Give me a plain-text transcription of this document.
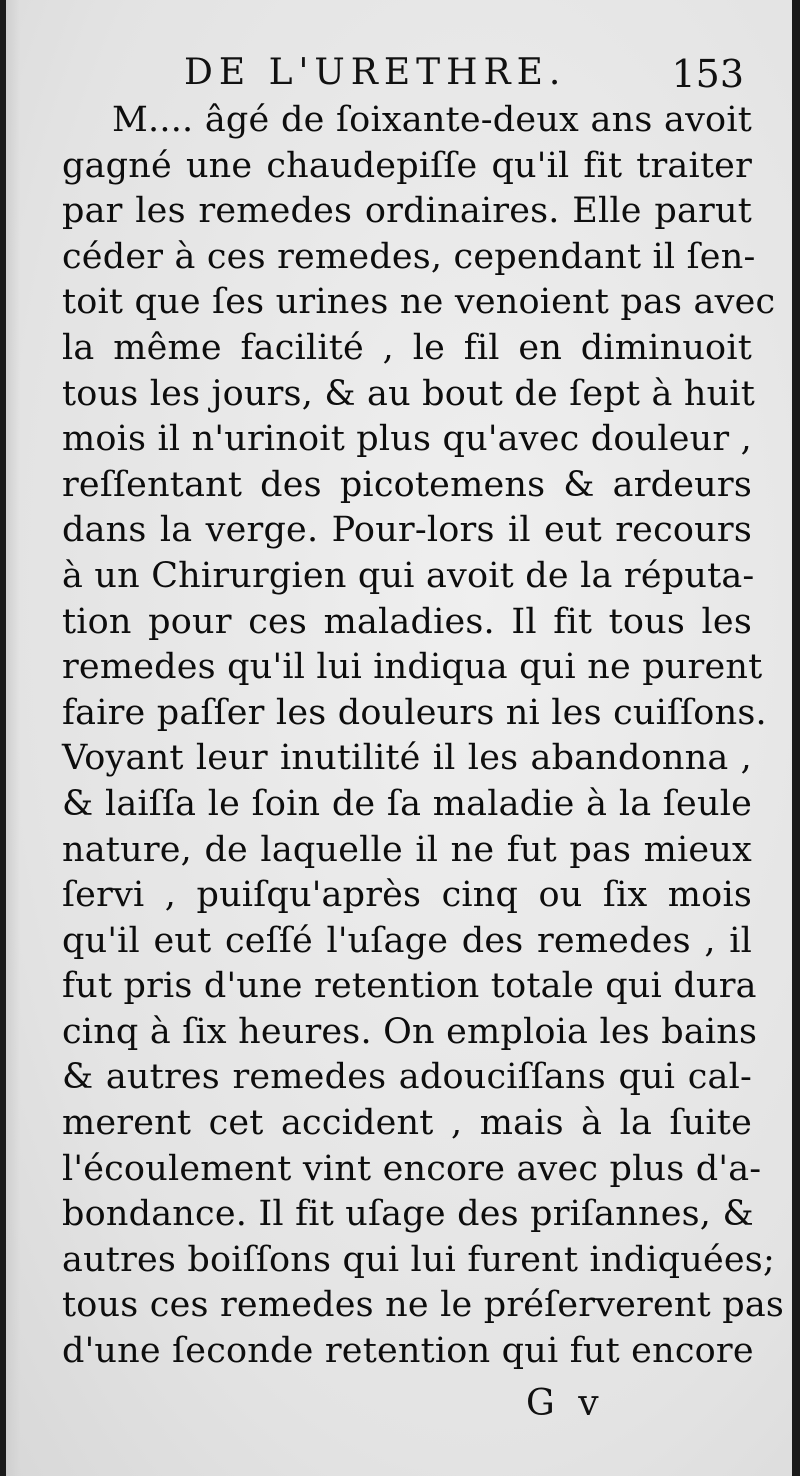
DE L'URETHRE.	153
M.... âgé de ſoixante-deux ans avoit
gagné une chaudepiſſe qu'il fit traiter
par les remedes ordinaires. Elle parut
céder à ces remedes, cependant il ſen-
toit que ſes urines ne venoient pas avec
la même facilité , le fil en diminuoit
tous les jours, & au bout de ſept à huit
mois il n'urinoit plus qu'avec douleur ,
reſſentant des picotemens & ardeurs
dans la verge. Pour-lors il eut recours
à un Chirurgien qui avoit de la réputa-
tion pour ces maladies. Il fit tous les
remedes qu'il lui indiqua qui ne purent
faire paſſer les douleurs ni les cuiſſons.
Voyant leur inutilité il les abandonna ,
& laiſſa le ſoin de ſa maladie à la ſeule
nature, de laquelle il ne fut pas mieux
ſervi , puiſqu'après cinq ou ſix mois
qu'il eut ceſſé l'uſage des remedes , il
fut pris d'une retention totale qui dura
cinq à ſix heures. On emploia les bains
& autres remedes adouciſſans qui cal-
merent cet accident , mais à la ſuite
l'écoulement vint encore avec plus d'a-
bondance. Il fit uſage des priſannes, &
autres boiſſons qui lui furent indiquées;
tous ces remedes ne le préſerverent pas
d'une ſeconde retention qui fut encore
G v
